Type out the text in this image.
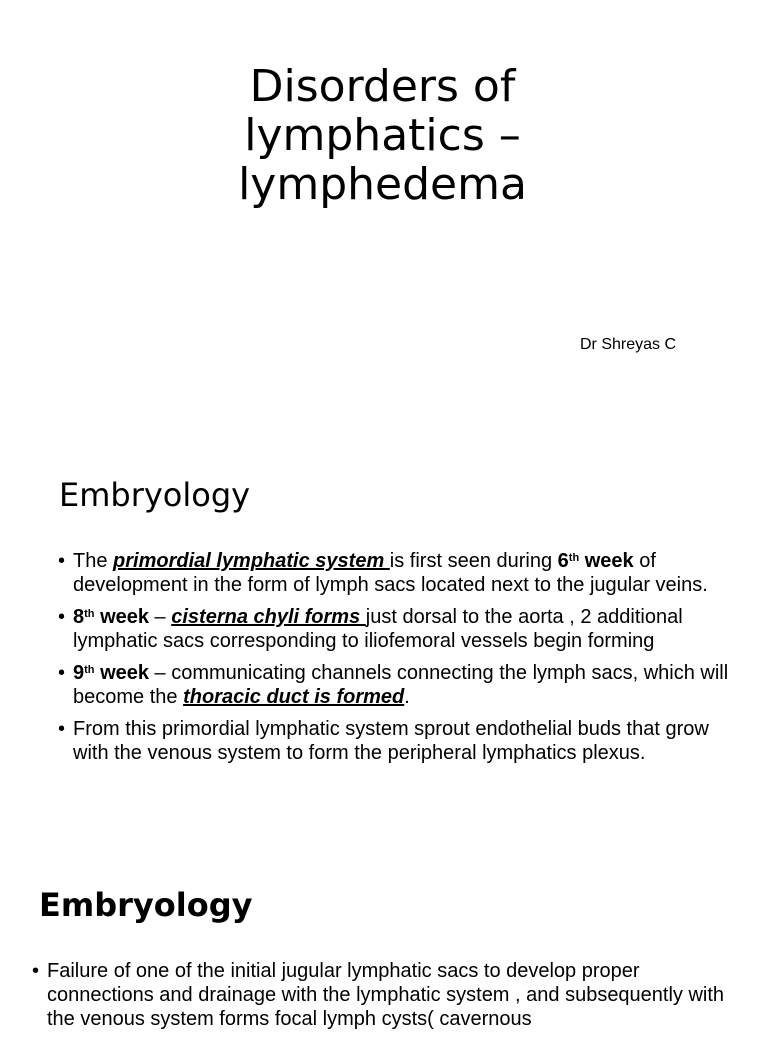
Disorders of
lymphatics –
lymphedema

Dr Shreyas C

Embryology
• The primordial lymphatic system is first seen during 6th week of development in the form of lymph sacs located next to the jugular veins.
• 8th week – cisterna chyli forms just dorsal to the aorta , 2 additional lymphatic sacs corresponding to iliofemoral vessels begin forming
• 9th week – communicating channels connecting the lymph sacs, which will become the thoracic duct is formed.
• From this primordial lymphatic system sprout endothelial buds that grow with the venous system to form the peripheral lymphatics plexus.
Embryology
• Failure of one of the initial jugular lymphatic sacs to develop proper connections and drainage with the lymphatic system , and subsequently with the venous system forms focal lymph cysts( cavernous
